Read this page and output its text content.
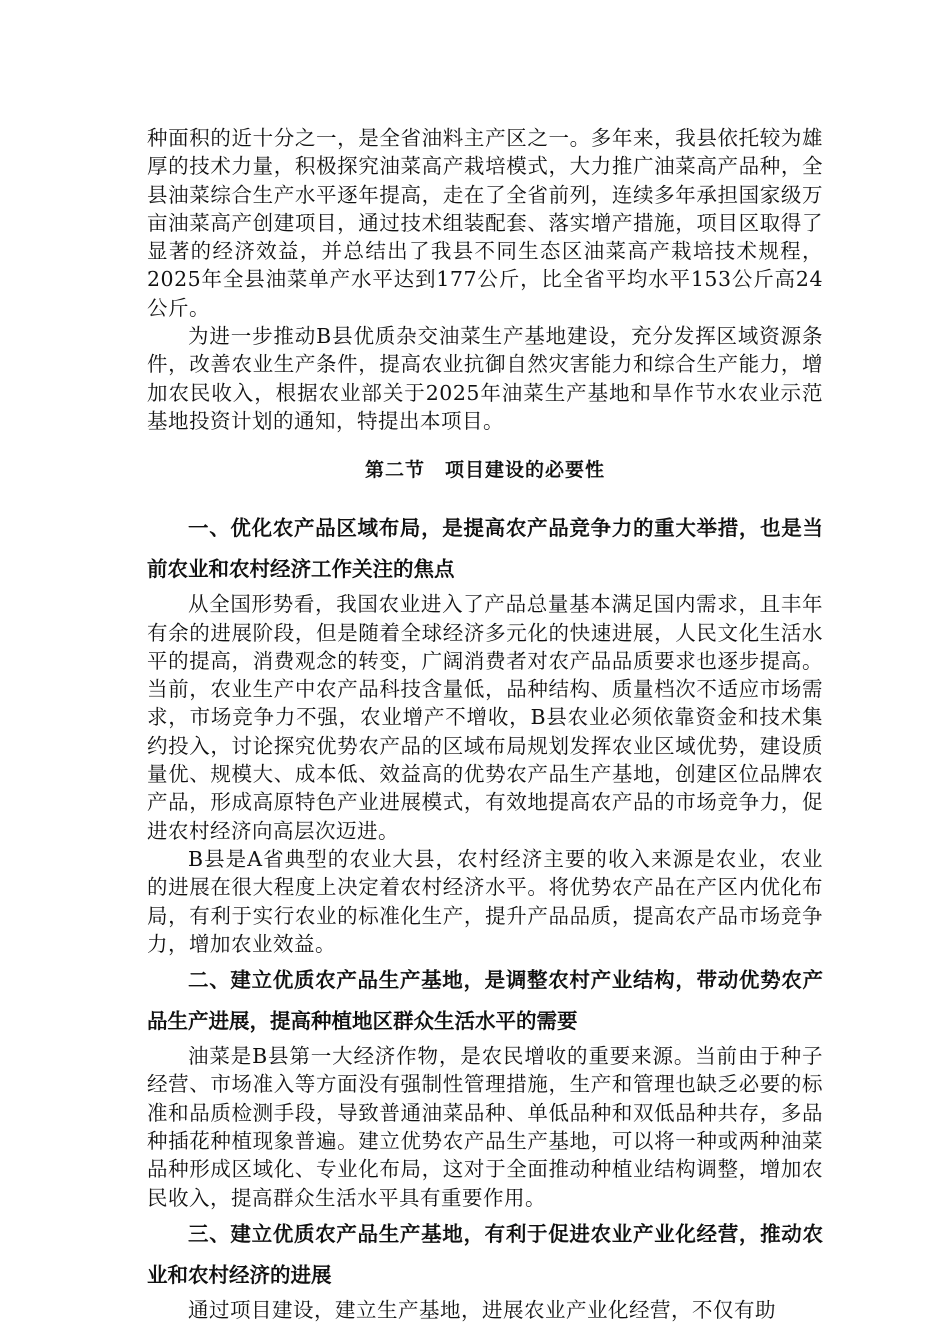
种面积的近十分之一，是全省油料主产区之一。多年来，我县依托较为雄厚的技术力量，积极探究油菜高产栽培模式，大力推广油菜高产品种，全县油菜综合生产水平逐年提高，走在了全省前列，连续多年承担国家级万亩油菜高产创建项目，通过技术组装配套、落实增产措施，项目区取得了显著的经济效益，并总结出了我县不同生态区油菜高产栽培技术规程，2025年全县油菜单产水平达到177公斤，比全省平均水平153公斤高24公斤。

为进一步推动B县优质杂交油菜生产基地建设，充分发挥区域资源条件，改善农业生产条件，提高农业抗御自然灾害能力和综合生产能力，增加农民收入，根据农业部关于2025年油菜生产基地和旱作节水农业示范基地投资计划的通知，特提出本项目。

第二节　项目建设的必要性

一、优化农产品区域布局，是提高农产品竞争力的重大举措，也是当前农业和农村经济工作关注的焦点

从全国形势看，我国农业进入了产品总量基本满足国内需求，且丰年有余的进展阶段，但是随着全球经济多元化的快速进展，人民文化生活水平的提高，消费观念的转变，广阔消费者对农产品品质要求也逐步提高。当前，农业生产中农产品科技含量低，品种结构、质量档次不适应市场需求，市场竞争力不强，农业增产不增收，B县农业必须依靠资金和技术集约投入，讨论探究优势农产品的区域布局规划发挥农业区域优势，建设质量优、规模大、成本低、效益高的优势农产品生产基地，创建区位品牌农产品，形成高原特色产业进展模式，有效地提高农产品的市场竞争力，促进农村经济向高层次迈进。

B县是A省典型的农业大县，农村经济主要的收入来源是农业，农业的进展在很大程度上决定着农村经济水平。将优势农产品在产区内优化布局，有利于实行农业的标准化生产，提升产品品质，提高农产品市场竞争力，增加农业效益。

二、建立优质农产品生产基地，是调整农村产业结构，带动优势农产品生产进展，提高种植地区群众生活水平的需要

油菜是B县第一大经济作物，是农民增收的重要来源。当前由于种子经营、市场准入等方面没有强制性管理措施，生产和管理也缺乏必要的标准和品质检测手段，导致普通油菜品种、单低品种和双低品种共存，多品种插花种植现象普遍。建立优势农产品生产基地，可以将一种或两种油菜品种形成区域化、专业化布局，这对于全面推动种植业结构调整，增加农民收入，提高群众生活水平具有重要作用。

三、建立优质农产品生产基地，有利于促进农业产业化经营，推动农业和农村经济的进展

通过项目建设，建立生产基地，进展农业产业化经营，不仅有助
